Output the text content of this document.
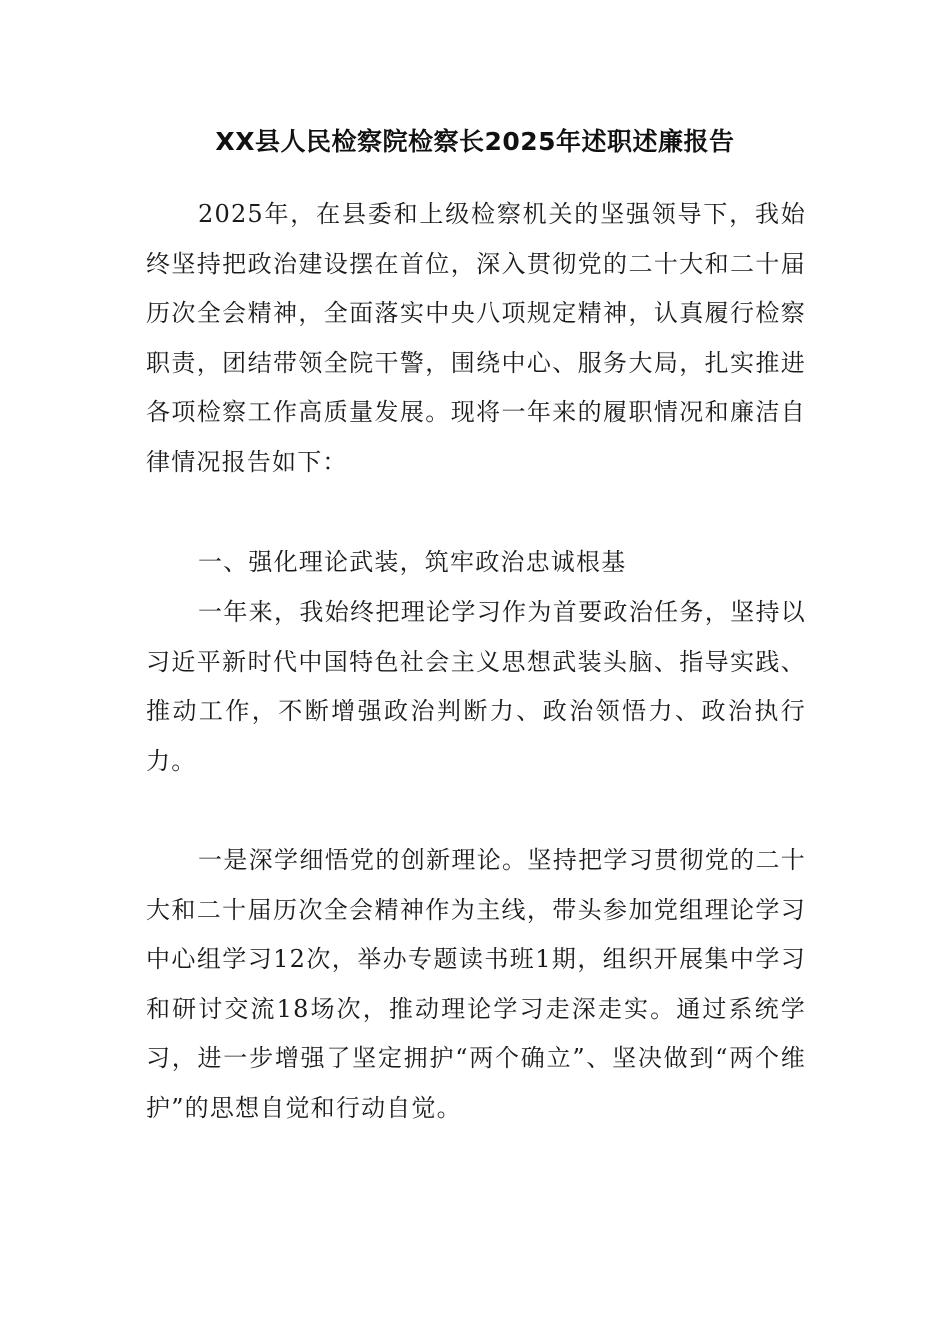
XX县人民检察院检察长2025年述职述廉报告

2025年，在县委和上级检察机关的坚强领导下，我始终坚持把政治建设摆在首位，深入贯彻党的二十大和二十届历次全会精神，全面落实中央八项规定精神，认真履行检察职责，团结带领全院干警，围绕中心、服务大局，扎实推进各项检察工作高质量发展。现将一年来的履职情况和廉洁自律情况报告如下：

一、强化理论武装，筑牢政治忠诚根基

一年来，我始终把理论学习作为首要政治任务，坚持以习近平新时代中国特色社会主义思想武装头脑、指导实践、推动工作，不断增强政治判断力、政治领悟力、政治执行力。

一是深学细悟党的创新理论。坚持把学习贯彻党的二十大和二十届历次全会精神作为主线，带头参加党组理论学习中心组学习12次，举办专题读书班1期，组织开展集中学习和研讨交流18场次，推动理论学习走深走实。通过系统学习，进一步增强了坚定拥护“两个确立”、坚决做到“两个维护”的思想自觉和行动自觉。
